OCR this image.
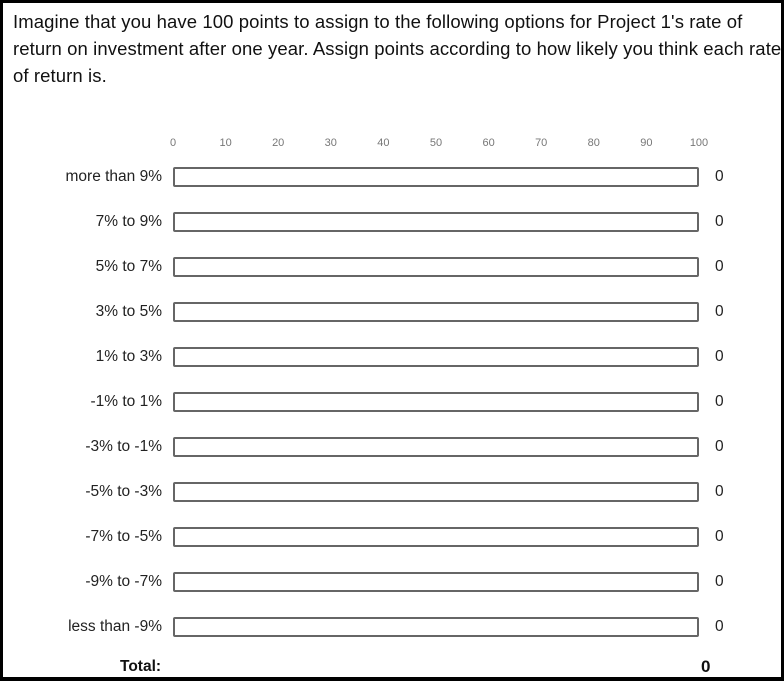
Imagine that you have 100 points to assign to the following options for Project 1's rate of return on investment after one year. Assign points according to how likely you think each rate of return is.
0	10	20	30	40	50	60	70	80	90	100
more than 9%	0
7% to 9%	0
5% to 7%	0
3% to 5%	0
1% to 3%	0
-1% to 1%	0
-3% to -1%	0
-5% to -3%	0
-7% to -5%	0
-9% to -7%	0
less than -9%	0
Total:	0
